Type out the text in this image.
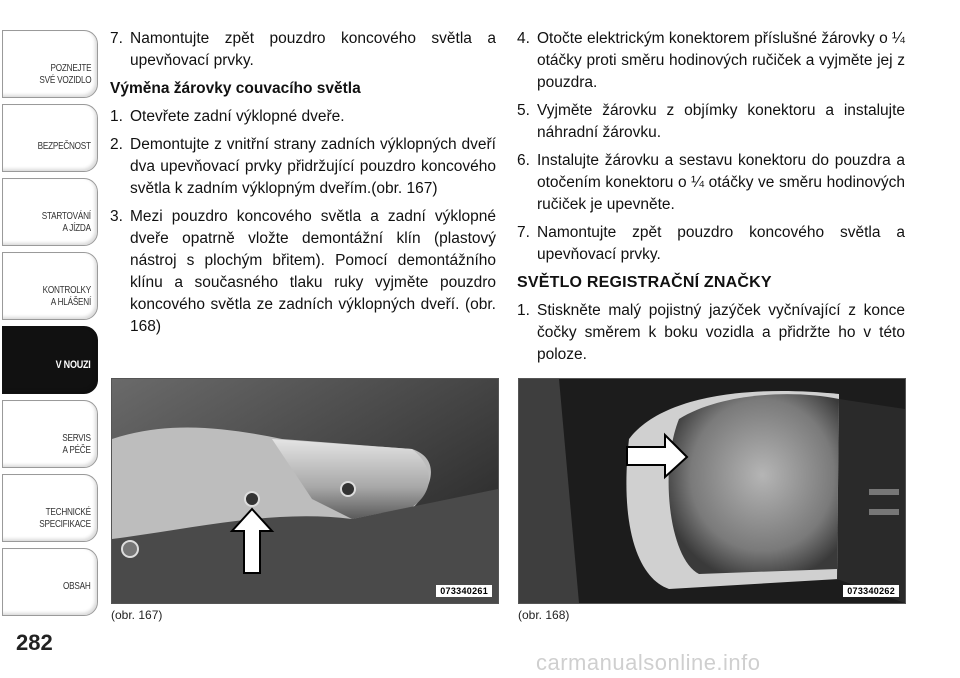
POZNEJTE
SVÉ VOZIDLO
BEZPEČNOST
STARTOVÁNÍ
A JÍZDA
KONTROLKY
A HLÁŠENÍ
V NOUZI
SERVIS
A PÉČE
TECHNICKÉ
SPECIFIKACE
OBSAH
282
7. Namontujte zpět pouzdro koncového světla a upevňovací prvky.
Výměna žárovky couvacího světla
1. Otevřete zadní výklopné dveře.
2. Demontujte z vnitřní strany zadních výklopných dveří dva upevňovací prvky přidržující pouzdro koncového světla k zadním výklopným dveřím.(obr. 167)
3. Mezi pouzdro koncového světla a zadní výklopné dveře opatrně vložte demontážní klín (plastový nástroj s plochým břitem). Pomocí demontážního klínu a současného tlaku ruky vyjměte pouzdro koncového světla ze zadních výklopných dveří. (obr. 168)
4. Otočte elektrickým konektorem příslušné žárovky o ¼ otáčky proti směru hodinových ručiček a vyjměte jej z pouzdra.
5. Vyjměte žárovku z objímky konektoru a instalujte náhradní žárovku.
6. Instalujte žárovku a sestavu konektoru do pouzdra a otočením konektoru o ¼ otáčky ve směru hodinových ručiček je upevněte.
7. Namontujte zpět pouzdro koncového světla a upevňovací prvky.
SVĚTLO REGISTRAČNÍ ZNAČKY
1. Stiskněte malý pojistný jazýček vyčnívající z konce čočky směrem k boku vozidla a přidržte ho v této poloze.
073340261
(obr. 167)
073340262
(obr. 168)
carmanualsonline.info
